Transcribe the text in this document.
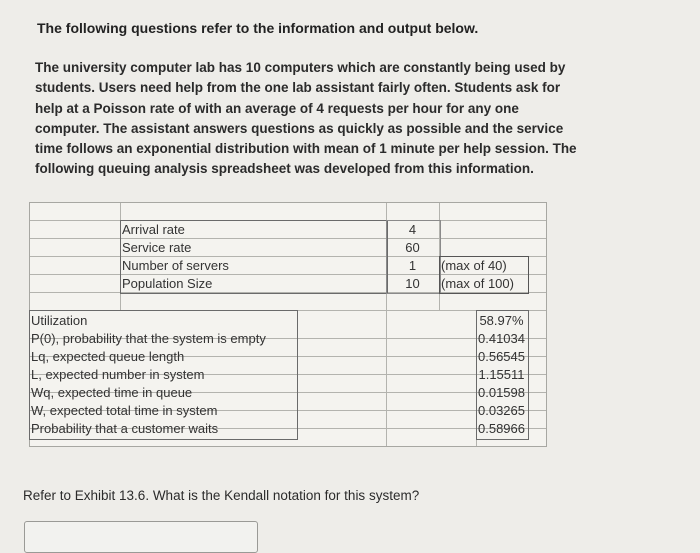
The following questions refer to the information and output below.
The university computer lab has 10 computers which are constantly being used by
students. Users need help from the one lab assistant fairly often. Students ask for
help at a Poisson rate of with an average of 4 requests per hour for any one
computer. The assistant answers questions as quickly as possible and the service
time follows an exponential distribution with mean of 1 minute per help session. The
following queuing analysis spreadsheet was developed from this information.
Arrival rate
Service rate
Number of servers
Population Size
4
60
1
10
(max of 40)
(max of 100)
Utilization
P(0), probability that the system is empty
Lq, expected queue length
L, expected number in system
Wq, expected time in queue
W, expected total time in system
Probability that a customer waits
58.97%
0.41034
0.56545
1.15511
0.01598
0.03265
0.58966
Refer to Exhibit 13.6. What is the Kendall notation for this system?
